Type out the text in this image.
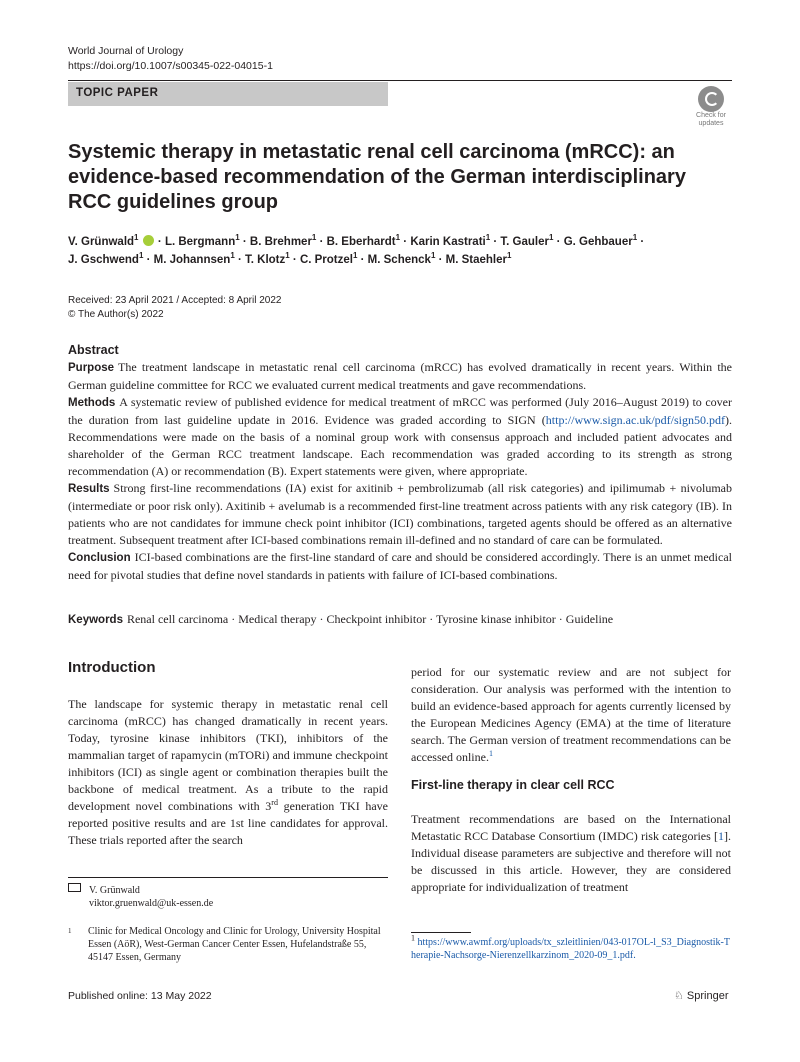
World Journal of Urology
https://doi.org/10.1007/s00345-022-04015-1
TOPIC PAPER
Check for
updates
Systemic therapy in metastatic renal cell carcinoma (mRCC): an evidence-based recommendation of the German interdisciplinary RCC guidelines group
V. Grünwald$^1$  · L. Bergmann$^1$ · B. Brehmer$^1$ · B. Eberhardt$^1$ · Karin Kastrati$^1$ · T. Gauler$^1$ · G. Gehbauer$^1$ ·
J. Gschwend$^1$ · M. Johannsen$^1$ · T. Klotz$^1$ · C. Protzel$^1$ · M. Schenck$^1$ · M. Staehler$^1$
Received: 23 April 2021 / Accepted: 8 April 2022
© The Author(s) 2022
Abstract

Purpose The treatment landscape in metastatic renal cell carcinoma (mRCC) has evolved dramatically in recent years. Within the German guideline committee for RCC we evaluated current medical treatments and gave recommendations.

Methods A systematic review of published evidence for medical treatment of mRCC was performed (July 2016–August 2019) to cover the duration from last guideline update in 2016. Evidence was graded according to SIGN (http://www.sign.ac.uk/pdf/sign50.pdf). Recommendations were made on the basis of a nominal group work with consensus approach and included patient advocates and shareholder of the German RCC treatment landscape. Each recommendation was graded according to its strength as strong recommendation (A) or recommendation (B). Expert statements were given, where appropriate.

Results Strong first-line recommendations (IA) exist for axitinib + pembrolizumab (all risk categories) and ipilimumab + nivolumab (intermediate or poor risk only). Axitinib + avelumab is a recommended first-line treatment across patients with any risk category (IB). In patients who are not candidates for immune check point inhibitor (ICI) combinations, targeted agents should be offered as an alternative treatment. Subsequent treatment after ICI-based combinations remain ill-defined and no standard of care can be formulated.

Conclusion ICI-based combinations are the first-line standard of care and should be considered accordingly. There is an unmet medical need for pivotal studies that define novel standards in patients with failure of ICI-based combinations.

Keywords Renal cell carcinoma · Medical therapy · Checkpoint inhibitor · Tyrosine kinase inhibitor · Guideline
Introduction
The landscape for systemic therapy in metastatic renal cell carcinoma (mRCC) has changed dramatically in recent years. Today, tyrosine kinase inhibitors (TKI), inhibitors of the mammalian target of rapamycin (mTORi) and immune checkpoint inhibitors (ICI) as single agent or combination therapies built the backbone of medical treatment. As a tribute to the rapid development novel combinations with 3rd generation TKI have reported positive results and are 1st line candidates for approval. These trials reported after the search
period for our systematic review and are not subject for consideration. Our analysis was performed with the intention to build an evidence-based approach for agents currently licensed by the European Medicines Agency (EMA) at the time of literature search. The German version of treatment recommendations can be accessed online.$^1$
First-line therapy in clear cell RCC
Treatment recommendations are based on the International Metastatic RCC Database Consortium (IMDC) risk categories [1]. Individual disease parameters are subjective and therefore will not be discussed in this article. However, they are considered appropriate for individualization of treatment
V. Grünwald
viktor.gruenwald@uk-essen.de
1 Clinic for Medical Oncology and Clinic for Urology, University Hospital Essen (AöR), West-German Cancer Center Essen, Hufelandstraße 55, 45147 Essen, Germany
$^1$ https://www.awmf.org/uploads/tx_szleitlinien/043-017OL-l_S3_Diagnostik-Therapie-Nachsorge-Nierenzellkarzinom_2020-09_1.pdf.
Published online: 13 May 2022	♘ Springer
